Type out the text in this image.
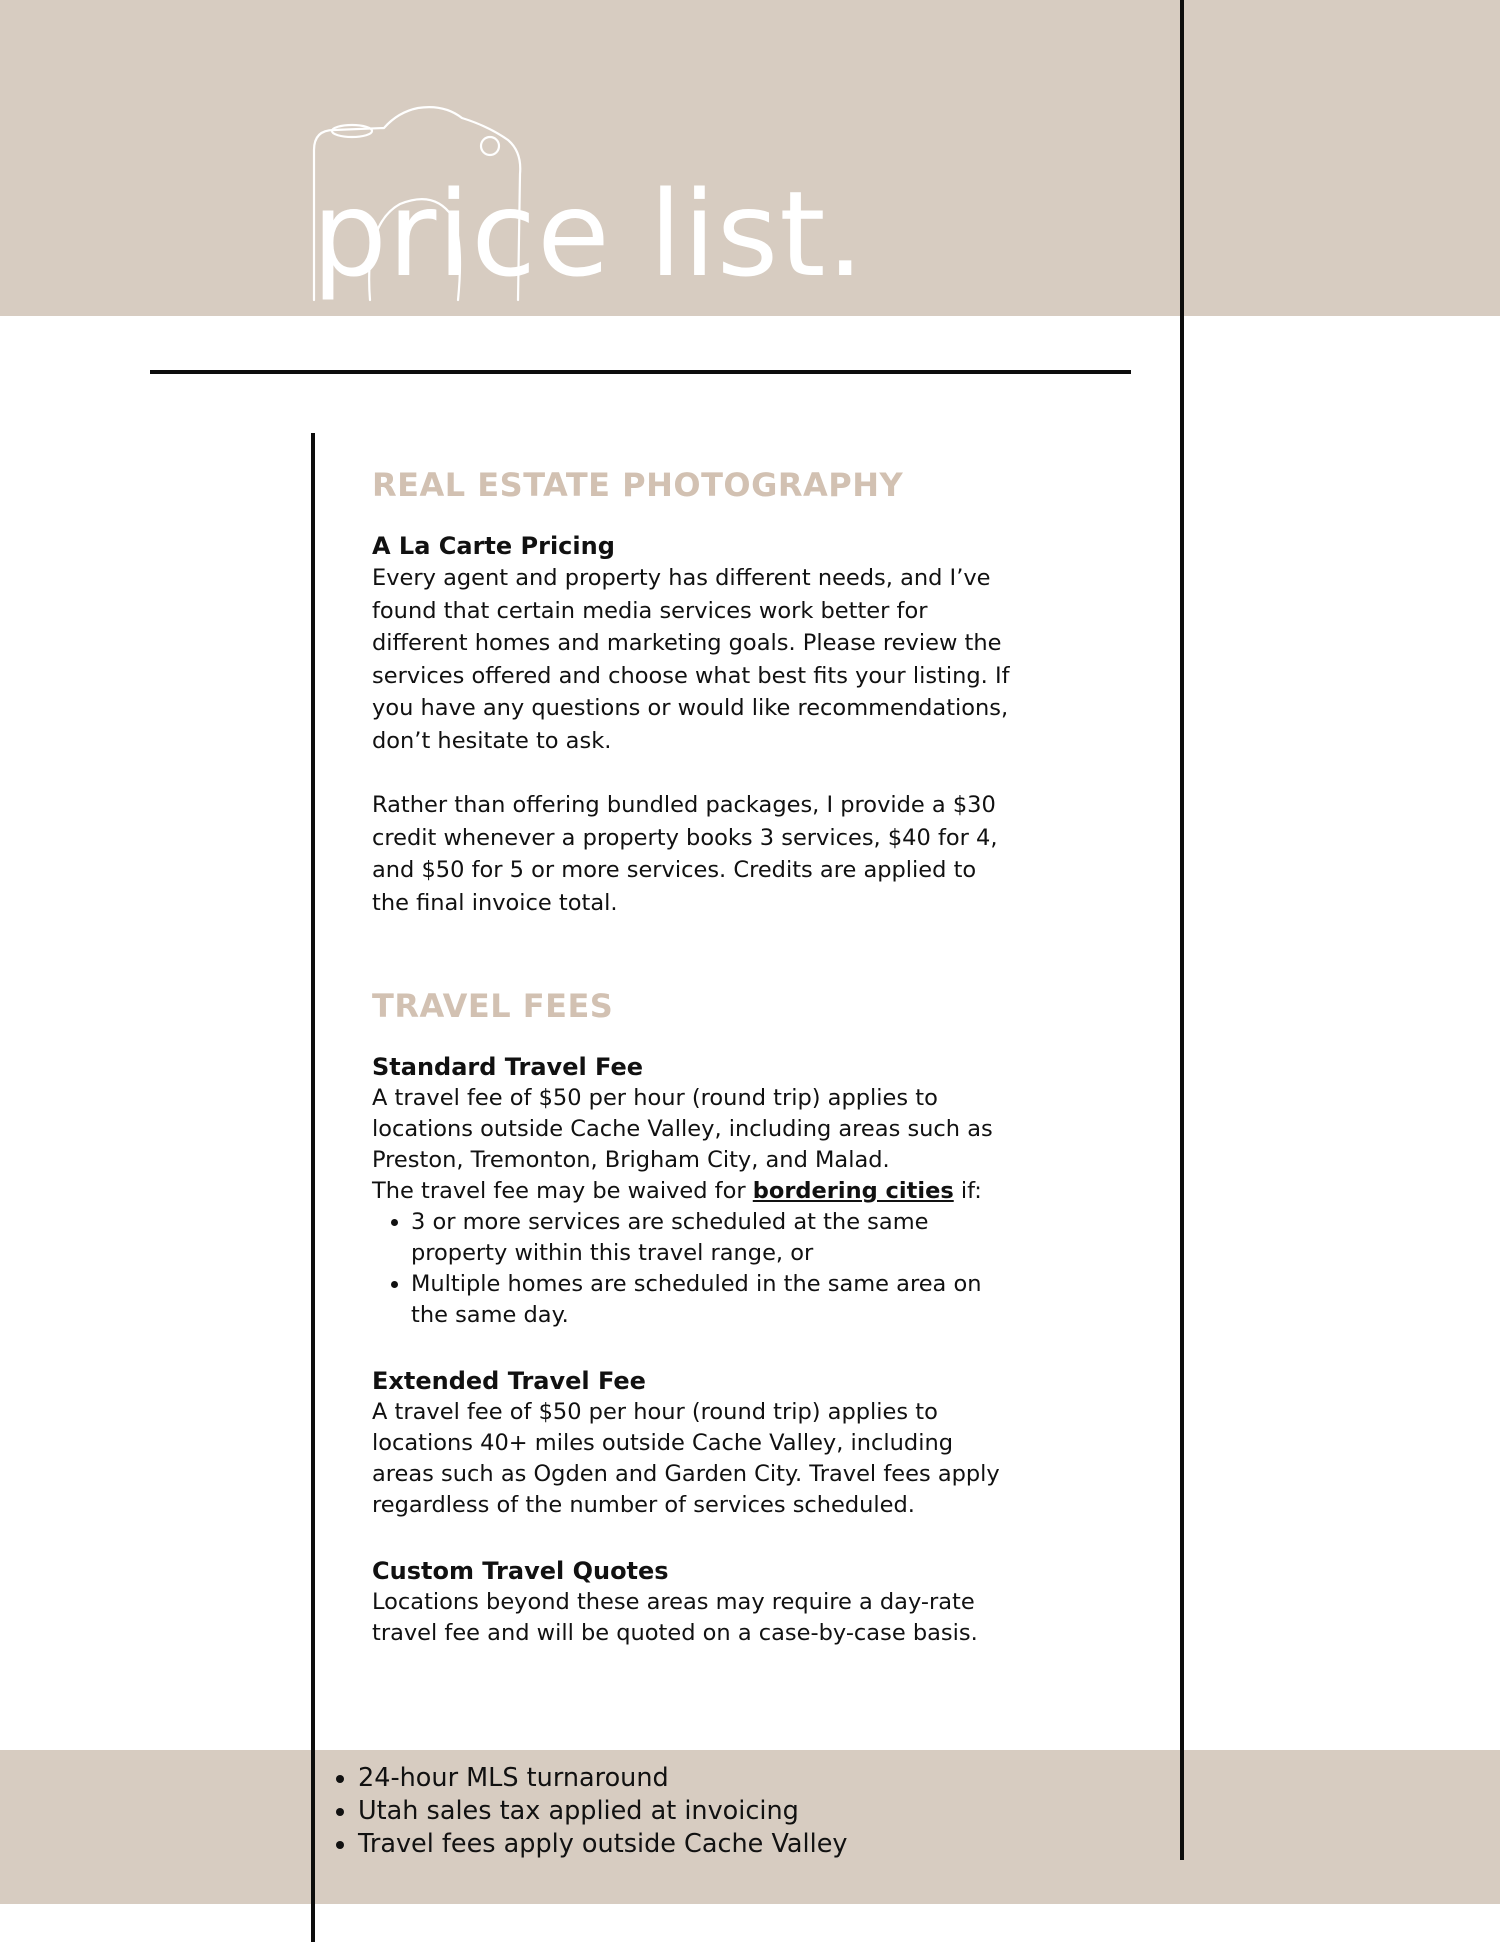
price list.
REAL ESTATE PHOTOGRAPHY
A La Carte Pricing

Every agent and property has different needs, and I’ve found that certain media services work better for different homes and marketing goals. Please review the services offered and choose what best fits your listing. If you have any questions or would like recommendations, don’t hesitate to ask.

Rather than offering bundled packages, I provide a $30 credit whenever a property books 3 services, $40 for 4, and $50 for 5 or more services. Credits are applied to the final invoice total.

TRAVEL FEES
Standard Travel Fee

A travel fee of $50 per hour (round trip) applies to locations outside Cache Valley, including areas such as Preston, Tremonton, Brigham City, and Malad.

The travel fee may be waived for bordering cities if:

• 3 or more services are scheduled at the same property within this travel range, or
• Multiple homes are scheduled in the same area on the same day.
Extended Travel Fee

A travel fee of $50 per hour (round trip) applies to locations 40+ miles outside Cache Valley, including areas such as Ogden and Garden City. Travel fees apply regardless of the number of services scheduled.

Custom Travel Quotes

Locations beyond these areas may require a day-rate travel fee and will be quoted on a case-by-case basis.

• 24-hour MLS turnaround
• Utah sales tax applied at invoicing
• Travel fees apply outside Cache Valley
